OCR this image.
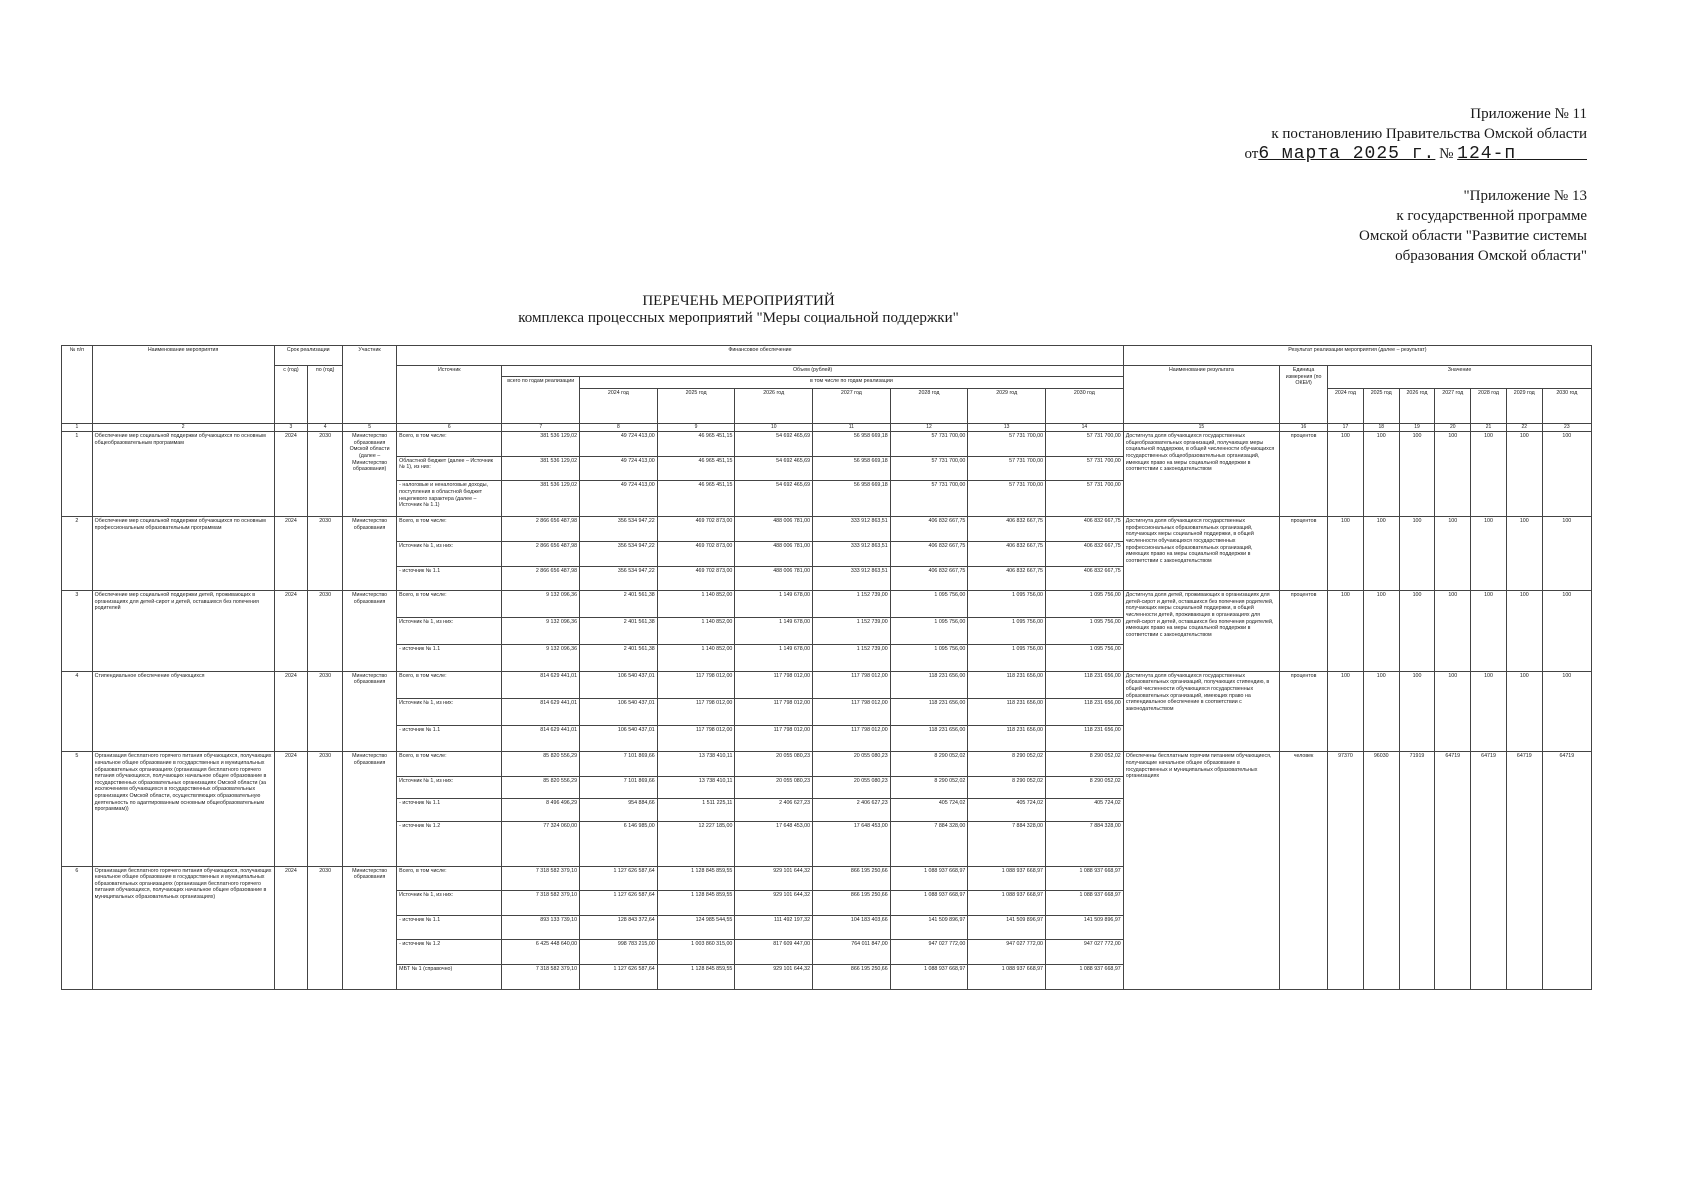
Приложение № 11
к постановлению Правительства Омской области
от6 марта 2025 г. № 124-п
"Приложение № 13
к государственной программе
Омской области "Развитие системы
образования Омской области"
ПЕРЕЧЕНЬ МЕРОПРИЯТИЙ
комплекса процессных мероприятий "Меры социальной поддержки"
№ п/п	Наименование мероприятия	Срок реализации		Участник	Финансовое обеспечение									Результат реализации мероприятия (далее – результат)								
		с (год)	по (год)		Источник	Объем (рублей)								Наименование результата	Единица измерения (по ОКЕИ)	Значение						
						всего по годам реализации	в том числе по годам реализации															
							2024 год	2025 год	2026 год	2027 год	2028 год	2029 год	2030 год			2024 год	2025 год	2026 год	2027 год	2028 год	2029 год	2030 год
1	2	3	4	5	6	7	8	9	10	11	12	13	14	15	16	17	18	19	20	21	22	23
1	Обеспечение мер социальной поддержки обучающихся по основным общеобразовательным программам	2024	2030	Министерство образования Омской области (далее – Министерство образования)	Всего, в том числе:	381 536 129,02	49 724 413,00	46 965 451,15	54 692 465,69	56 958 669,18	57 731 700,00	57 731 700,00	57 731 700,00	Достигнута доля обучающихся государственных общеобразовательных организаций, получающих меры социальной поддержки, в общей численности обучающихся государственных общеобразовательных организаций, имеющих право на меры социальной поддержки в соответствии с законодательством	процентов	100	100	100	100	100	100	100
					Областной бюджет (далее – Источник № 1), из них:	381 536 129,02	49 724 413,00	46 965 451,15	54 692 465,69	56 958 669,18	57 731 700,00	57 731 700,00	57 731 700,00									
					- налоговые и неналоговые доходы, поступления в областной бюджет нецелевого характера (далее – Источник № 1.1)	381 536 129,02	49 724 413,00	46 965 451,15	54 692 465,69	56 958 669,18	57 731 700,00	57 731 700,00	57 731 700,00									
2	Обеспечение мер социальной поддержки обучающихся по основным профессиональным образовательным программам	2024	2030	Министерство образования	Всего, в том числе:	2 866 656 487,98	356 534 947,22	469 702 873,00	488 006 781,00	333 912 863,51	406 832 667,75	406 832 667,75	406 832 667,75	Достигнута доля обучающихся государственных профессиональных образовательных организаций, получающих меры социальной поддержки, в общей численности обучающихся государственных профессиональных образовательных организаций, имеющих право на меры социальной поддержки в соответствии с законодательством	процентов	100	100	100	100	100	100	100
					Источник № 1, из них:	2 866 656 487,98	356 534 947,22	469 702 873,00	488 006 781,00	333 912 863,51	406 832 667,75	406 832 667,75	406 832 667,75									
					- источник № 1.1	2 866 656 487,98	356 534 947,22	469 702 873,00	488 006 781,00	333 912 863,51	406 832 667,75	406 832 667,75	406 832 667,75									
3	Обеспечение мер социальной поддержки детей, проживающих в организациях для детей-сирот и детей, оставшихся без попечения родителей	2024	2030	Министерство образования	Всего, в том числе:	9 132 096,36	2 401 561,38	1 140 852,00	1 149 678,00	1 152 739,00	1 095 756,00	1 095 756,00	1 095 756,00	Достигнута доля детей, проживающих в организациях для детей-сирот и детей, оставшихся без попечения родителей, получающих меры социальной поддержки, в общей численности детей, проживающих в организациях для детей-сирот и детей, оставшихся без попечения родителей, имеющих право на меры социальной поддержки в соответствии с законодательством	процентов	100	100	100	100	100	100	100
					Источник № 1, из них:	9 132 096,36	2 401 561,38	1 140 852,00	1 149 678,00	1 152 739,00	1 095 756,00	1 095 756,00	1 095 756,00									
					- источник № 1.1	9 132 096,36	2 401 561,38	1 140 852,00	1 149 678,00	1 152 739,00	1 095 756,00	1 095 756,00	1 095 756,00									
4	Стипендиальное обеспечение обучающихся	2024	2030	Министерство образования	Всего, в том числе:	814 629 441,01	106 540 437,01	117 798 012,00	117 798 012,00	117 798 012,00	118 231 656,00	118 231 656,00	118 231 656,00	Достигнута доля обучающихся государственных образовательных организаций, получающих стипендию, в общей численности обучающихся государственных образовательных организаций, имеющих право на стипендиальное обеспечение в соответствии с законодательством	процентов	100	100	100	100	100	100	100
					Источник № 1, из них:	814 629 441,01	106 540 437,01	117 798 012,00	117 798 012,00	117 798 012,00	118 231 656,00	118 231 656,00	118 231 656,00									
					- источник № 1.1	814 629 441,01	106 540 437,01	117 798 012,00	117 798 012,00	117 798 012,00	118 231 656,00	118 231 656,00	118 231 656,00									
5	Организация бесплатного горячего питания обучающихся, получающих начальное общее образование в государственных и муниципальных образовательных организациях (организация бесплатного горячего питания обучающихся, получающих начальное общее образование в государственных образовательных организациях Омской области (за исключением обучающихся в государственных образовательных организациях Омской области, осуществляющих образовательную деятельность по адаптированным основным общеобразовательным программам))	2024	2030	Министерство образования	Всего, в том числе:	85 820 556,29	7 101 869,66	13 738 410,11	20 055 080,23	20 055 080,23	8 290 052,02	8 290 052,02	8 290 052,02	Обеспечены бесплатным горячим питанием обучающиеся, получающие начальное общее образование в государственных и муниципальных образовательных организациях	человек	97370	96030	71919	64719	64719	64719	64719
					Источник № 1, из них:	85 820 556,29	7 101 869,66	13 738 410,11	20 055 080,23	20 055 080,23	8 290 052,02	8 290 052,02	8 290 052,02									
					- источник № 1.1	8 496 496,29	954 884,66	1 511 225,11	2 406 627,23	2 406 627,23	405 724,02	405 724,02	405 724,02									
					- источник № 1.2	77 324 060,00	6 146 985,00	12 227 185,00	17 648 453,00	17 648 453,00	7 884 328,00	7 884 328,00	7 884 328,00									
6	Организация бесплатного горячего питания обучающихся, получающих начальное общее образование в государственных и муниципальных образовательных организациях (организация бесплатного горячего питания обучающихся, получающих начальное общее образование в муниципальных образовательных организациях)	2024	2030	Министерство образования	Всего, в том числе:	7 318 582 379,10	1 127 626 587,64	1 128 845 859,55	929 101 644,32	866 195 250,66	1 088 937 668,97	1 088 937 668,97	1 088 937 668,97									
					Источник № 1, из них:	7 318 582 379,10	1 127 626 587,64	1 128 845 859,55	929 101 644,32	866 195 250,66	1 088 937 668,97	1 088 937 668,97	1 088 937 668,97									
					- источник № 1.1	893 133 739,10	128 843 372,64	124 985 544,55	111 492 197,32	104 183 403,66	141 509 896,97	141 509 896,97	141 509 896,97									
					- источник № 1.2	6 425 448 640,00	998 783 215,00	1 003 860 315,00	817 609 447,00	764 011 847,00	947 027 772,00	947 027 772,00	947 027 772,00									
					МБТ № 1 (справочно)	7 318 582 379,10	1 127 626 587,64	1 128 845 859,55	929 101 644,32	866 195 250,66	1 088 937 668,97	1 088 937 668,97	1 088 937 668,97									
